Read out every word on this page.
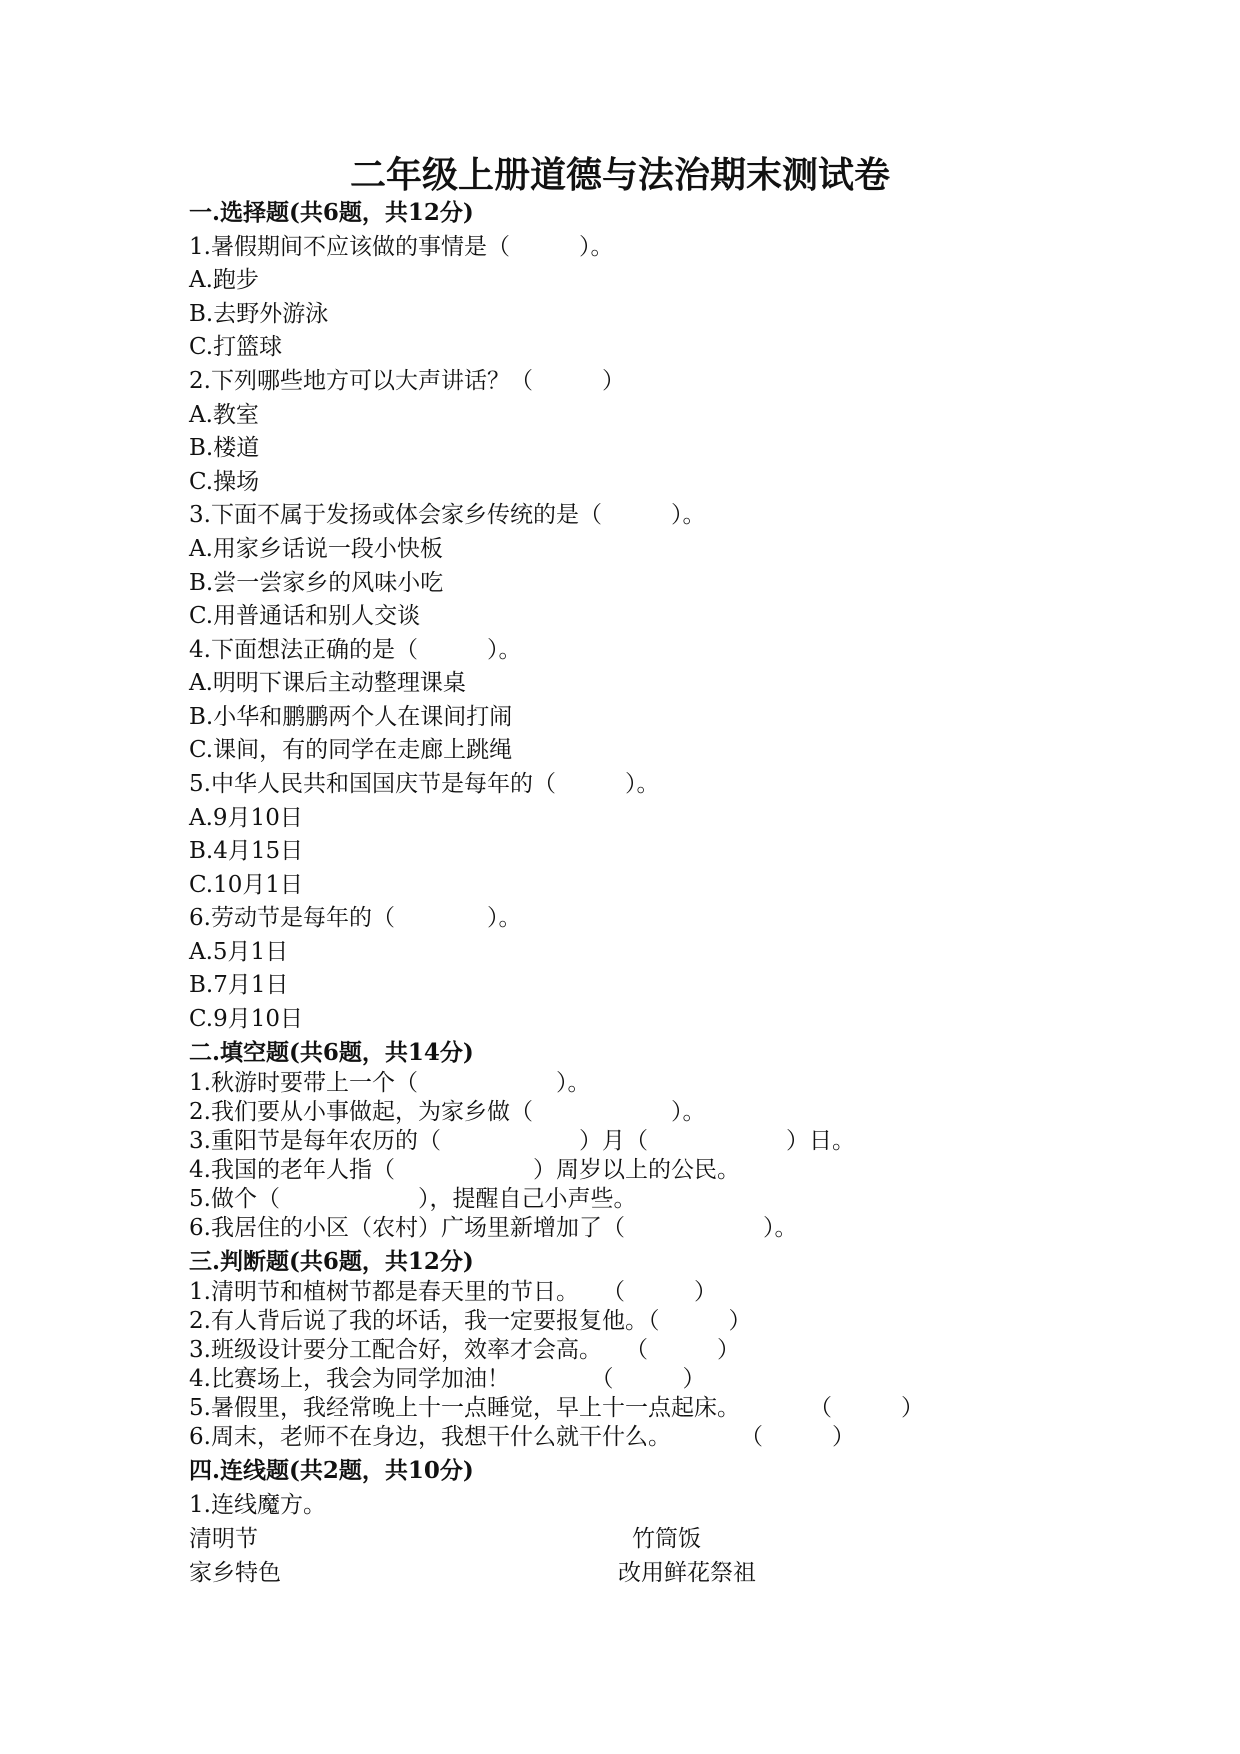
二年级上册道德与法治期末测试卷
一.选择题(共6题，共12分)
1.暑假期间不应该做的事情是（　　　）。
A.跑步
B.去野外游泳
C.打篮球
2.下列哪些地方可以大声讲话？（　　　）
A.教室
B.楼道
C.操场
3.下面不属于发扬或体会家乡传统的是（　　　）。
A.用家乡话说一段小快板
B.尝一尝家乡的风味小吃
C.用普通话和别人交谈
4.下面想法正确的是（　　　）。
A.明明下课后主动整理课桌
B.小华和鹏鹏两个人在课间打闹
C.课间，有的同学在走廊上跳绳
5.中华人民共和国国庆节是每年的（　　　）。
A.9月10日
B.4月15日
C.10月1日
6.劳动节是每年的（　　　　）。
A.5月1日
B.7月1日
C.9月10日
二.填空题(共6题，共14分)
1.秋游时要带上一个（　　　　　　）。
2.我们要从小事做起，为家乡做（　　　　　　）。
3.重阳节是每年农历的（　　　　　　）月（　　　　　　）日。
4.我国的老年人指（　　　　　　）周岁以上的公民。
5.做个（　　　　　　），提醒自己小声些。
6.我居住的小区（农村）广场里新增加了（　　　　　　）。
三.判断题(共6题，共12分)
1.清明节和植树节都是春天里的节日。　　（　　　）
2.有人背后说了我的坏话，我一定要报复他。（　　　）
3.班级设计要分工配合好，效率才会高。　　（　　　）
4.比赛场上，我会为同学加油！　　　　（　　　）
5.暑假里，我经常晚上十一点睡觉，早上十一点起床。　　　　（　　　）
6.周末，老师不在身边，我想干什么就干什么。　　　　（　　　）
四.连线题(共2题，共10分)
1.连线魔方。
清明节
家乡特色
竹筒饭
改用鲜花祭祖
